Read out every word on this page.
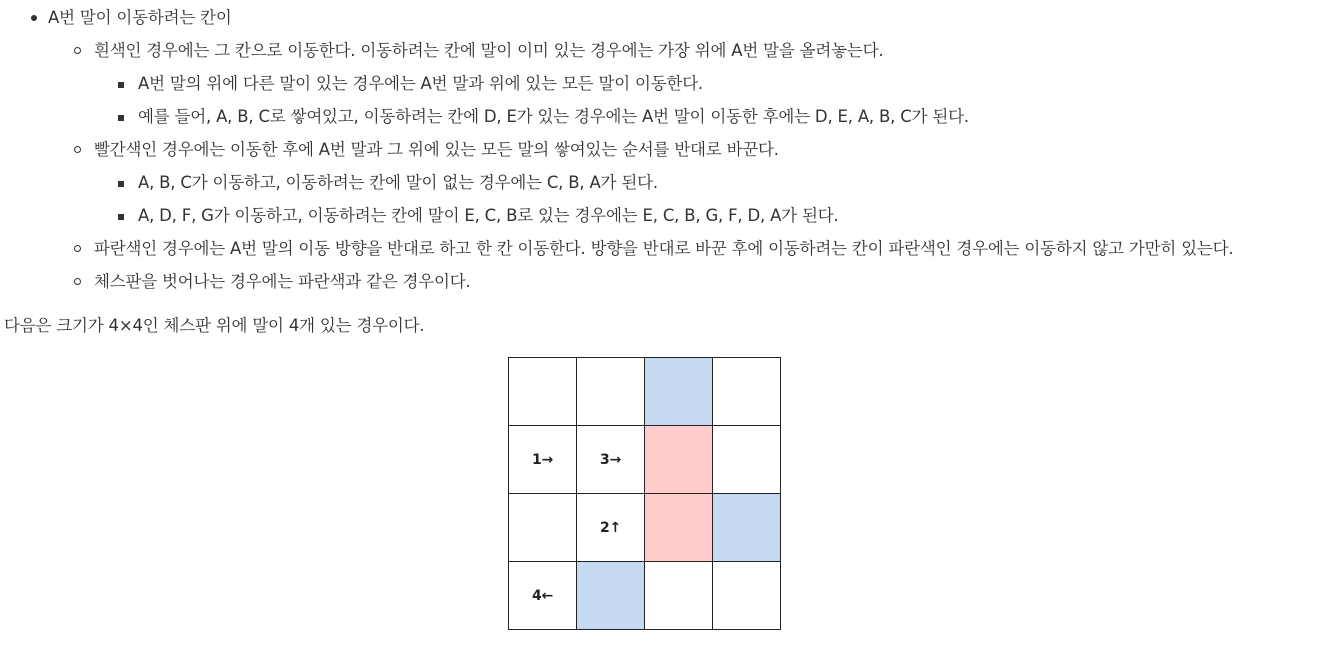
A번 말이 이동하려는 칸이
흰색인 경우에는 그 칸으로 이동한다. 이동하려는 칸에 말이 이미 있는 경우에는 가장 위에 A번 말을 올려놓는다.
A번 말의 위에 다른 말이 있는 경우에는 A번 말과 위에 있는 모든 말이 이동한다.
예를 들어, A, B, C로 쌓여있고, 이동하려는 칸에 D, E가 있는 경우에는 A번 말이 이동한 후에는 D, E, A, B, C가 된다.
빨간색인 경우에는 이동한 후에 A번 말과 그 위에 있는 모든 말의 쌓여있는 순서를 반대로 바꾼다.
A, B, C가 이동하고, 이동하려는 칸에 말이 없는 경우에는 C, B, A가 된다.
A, D, F, G가 이동하고, 이동하려는 칸에 말이 E, C, B로 있는 경우에는 E, C, B, G, F, D, A가 된다.
파란색인 경우에는 A번 말의 이동 방향을 반대로 하고 한 칸 이동한다. 방향을 반대로 바꾼 후에 이동하려는 칸이 파란색인 경우에는 이동하지 않고 가만히 있는다.
체스판을 벗어나는 경우에는 파란색과 같은 경우이다.

다음은 크기가 4×4인 체스판 위에 말이 4개 있는 경우이다.

1→	3→		
	2↑		
4←			
